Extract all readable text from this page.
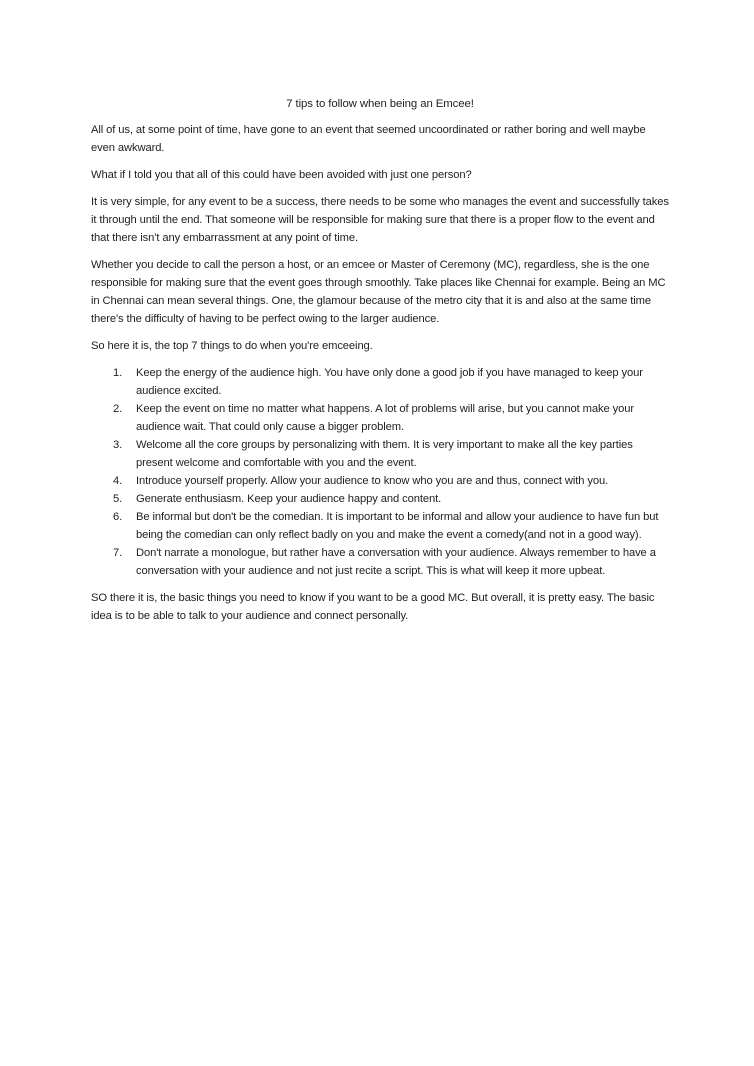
7 tips to follow when being an Emcee!

All of us, at some point of time, have gone to an event that seemed uncoordinated or rather boring and well maybe even awkward.

What if I told you that all of this could have been avoided with just one person?

It is very simple, for any event to be a success, there needs to be some who manages the event and successfully takes it through until the end. That someone will be responsible for making sure that there is a proper flow to the event and that there isn't any embarrassment at any point of time.

Whether you decide to call the person a host, or an emcee or Master of Ceremony (MC), regardless, she is the one responsible for making sure that the event goes through smoothly. Take places like Chennai for example. Being an MC in Chennai can mean several things. One, the glamour because of the metro city that it is and also at the same time there's the difficulty of having to be perfect owing to the larger audience.

So here it is, the top 7 things to do when you're emceeing.

1.	Keep the energy of the audience high. You have only done a good job if you have managed to keep your audience excited.
2.	Keep the event on time no matter what happens. A lot of problems will arise, but you cannot make your audience wait. That could only cause a bigger problem.
3.	Welcome all the core groups by personalizing with them. It is very important to make all the key parties present welcome and comfortable with you and the event.
4.	Introduce yourself properly. Allow your audience to know who you are and thus, connect with you.
5.	Generate enthusiasm. Keep your audience happy and content.
6.	Be informal but don't be the comedian. It is important to be informal and allow your audience to have fun but being the comedian can only reflect badly on you and make the event a comedy(and not in a good way).
7.	Don't narrate a monologue, but rather have a conversation with your audience. Always remember to have a conversation with your audience and not just recite a script. This is what will keep it more upbeat.

SO there it is, the basic things you need to know if you want to be a good MC. But overall, it is pretty easy. The basic idea is to be able to talk to your audience and connect personally.
